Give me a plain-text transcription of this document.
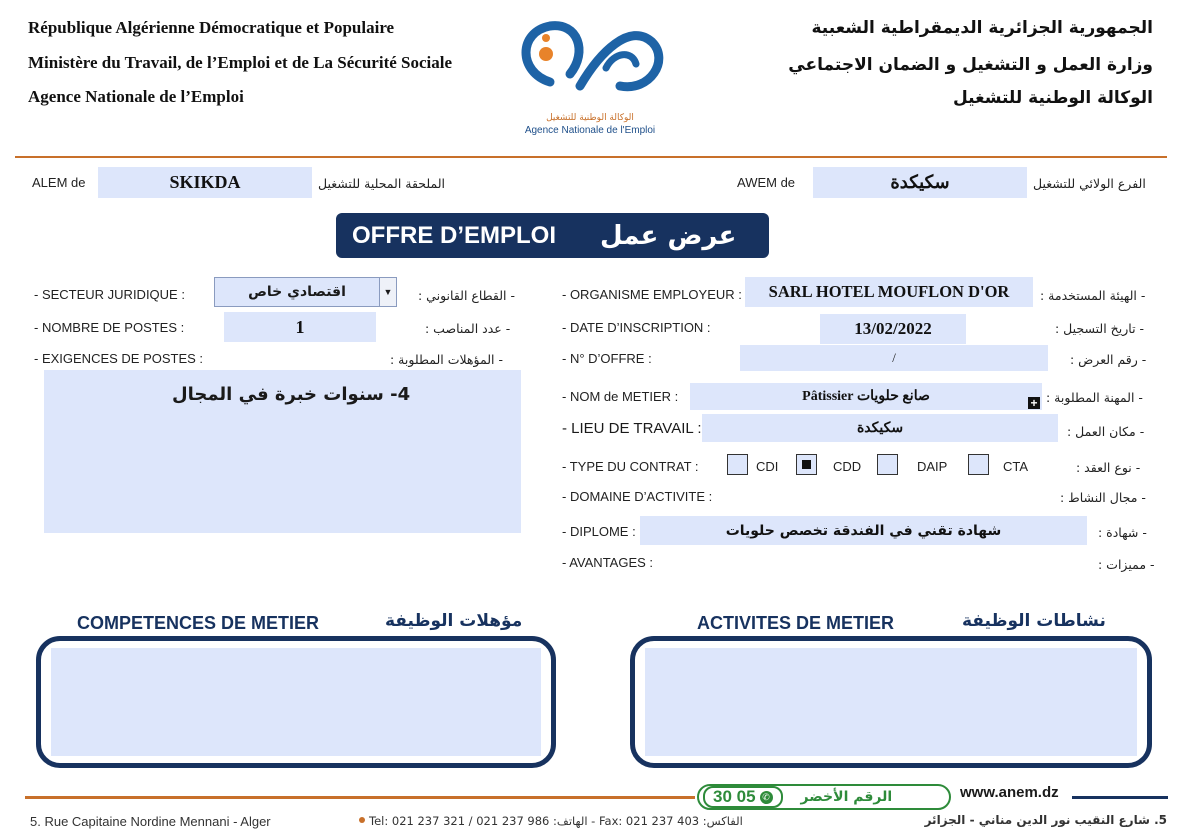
République Algérienne Démocratique et Populaire
Ministère du Travail, de l’Emploi et de La Sécurité Sociale
Agence Nationale de l’Emploi
الجمهورية الجزائرية الديمقراطية الشعبية
وزارة العمل و التشغيل و الضمان الاجتماعي
الوكالة الوطنية للتشغيل
الوكالة الوطنية للتشغيل
Agence Nationale de l'Emploi
ALEM de	SKIKDA	الملحقة المحلية للتشغيل	AWEM de	سكيكدة	الفرع الولائي للتشغيل
OFFRE D’EMPLOI عرض عمل
- SECTEUR JURIDIQUE :	اقتصادي خاص	▼ - القطاع القانوني :
- NOMBRE DE POSTES :	1	- عدد المناصب :
- EXIGENCES DE POSTES :	- المؤهلات المطلوبة :
4- سنوات خبرة في المجال
- ORGANISME EMPLOYEUR :	SARL HOTEL MOUFLON D'OR	- الهيئة المستخدمة :
- DATE D’INSCRIPTION :	13/02/2022	- تاريخ التسجيل :
- N° D’OFFRE :	/	- رقم العرض :
- NOM de METIER :	صانع حلويات Pâtissier	+ - المهنة المطلوبة :
- LIEU DE TRAVAIL :	سكيكدة	- مكان العمل :
- TYPE DU CONTRAT :	CDI	CDD	DAIP	CTA	- نوع العقد :
- DOMAINE D’ACTIVITE :	- مجال النشاط :
- DIPLOME :	شهادة تقني في الفندقة تخصص حلويات	- شهادة :
- AVANTAGES :	- مميزات :
COMPETENCES DE METIER	مؤهلات الوظيفة	ACTIVITES DE METIER	نشاطات الوظيفة
30 05 ✆ الرقم الأخضر	www.anem.dz
5. Rue Capitaine Nordine Mennani - Alger	Tel: 021 237 321 / 021 237 986 :الهاتف - Fax: 021 237 403 :الفاكس	5. شارع النقيب نور الدين مناني - الجزائر
